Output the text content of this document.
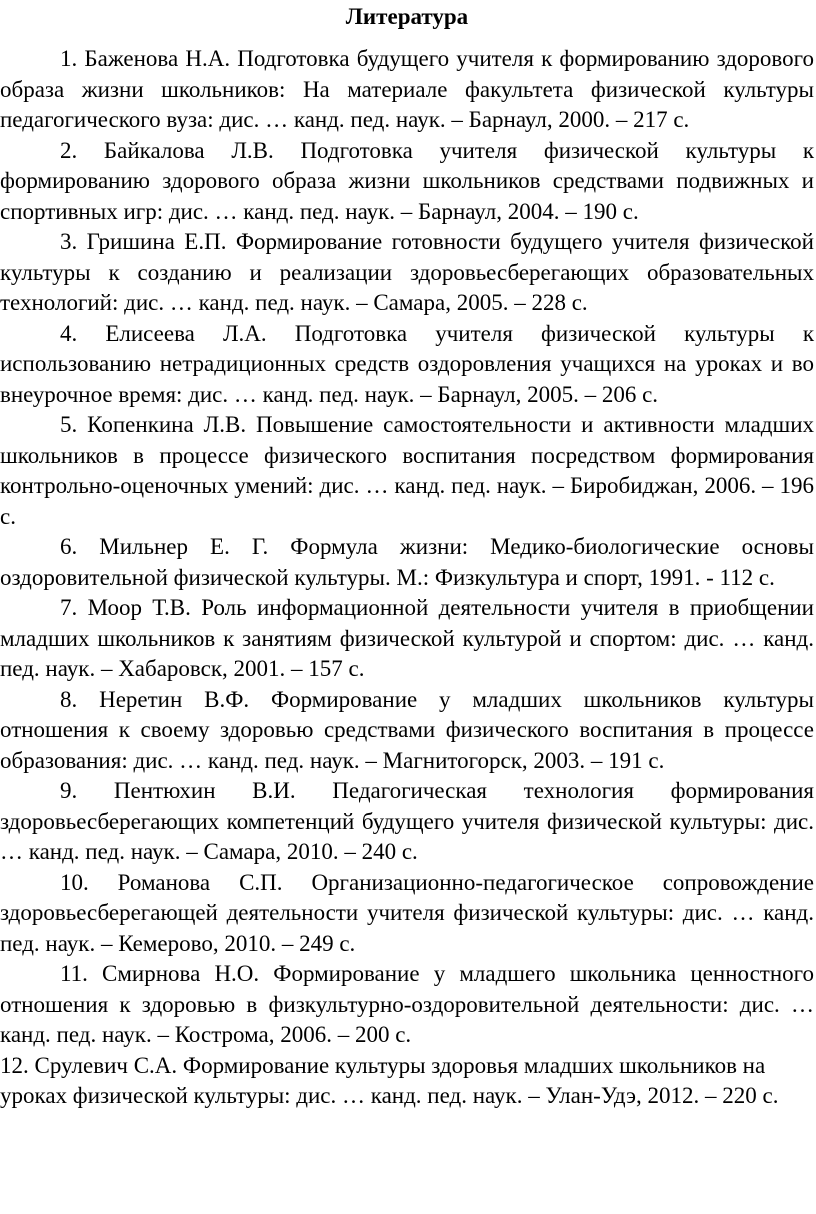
Литература

1. Баженова Н.А. Подготовка будущего учителя к формированию здорового образа жизни школьников: На материале факультета физической культуры педагогического вуза: дис. … канд. пед. наук. – Барнаул, 2000. – 217 с.

2. Байкалова Л.В. Подготовка учителя физической культуры к формированию здорового образа жизни школьников средствами подвижных и спортивных игр: дис. … канд. пед. наук. – Барнаул, 2004. – 190 с.

3. Гришина Е.П. Формирование готовности будущего учителя физической культуры к созданию и реализации здоровьесберегающих образовательных технологий: дис. … канд. пед. наук. – Самара, 2005. – 228 с.

4. Елисеева Л.А. Подготовка учителя физической культуры к использованию нетрадиционных средств оздоровления учащихся на уроках и во внеурочное время: дис. … канд. пед. наук. – Барнаул, 2005. – 206 с.

5. Копенкина Л.В. Повышение самостоятельности и активности младших школьников в процессе физического воспитания посредством формирования контрольно-оценочных умений: дис. … канд. пед. наук. – Биробиджан, 2006. – 196 с.

6. Мильнер Е. Г. Формула жизни: Медико-биологические основы оздоровительной физической культуры. М.: Физкультура и спорт, 1991. - 112 с.

7. Моор Т.В. Роль информационной деятельности учителя в приобщении младших школьников к занятиям физической культурой и спортом: дис. … канд. пед. наук. – Хабаровск, 2001. – 157 с.

8. Неретин В.Ф. Формирование у младших школьников культуры отношения к своему здоровью средствами физического воспитания в процессе образования: дис. … канд. пед. наук. – Магнитогорск, 2003. – 191 с.

9. Пентюхин В.И. Педагогическая технология формирования здоровьесберегающих компетенций будущего учителя физической культуры: дис. … канд. пед. наук. – Самара, 2010. – 240 с.

10. Романова С.П. Организационно-педагогическое сопровождение здоровьесберегающей деятельности учителя физической культуры: дис. … канд. пед. наук. – Кемерово, 2010. – 249 с.

11. Смирнова Н.О. Формирование у младшего школьника ценностного отношения к здоровью в физкультурно-оздоровительной деятельности: дис. … канд. пед. наук. – Кострома, 2006. – 200 с.

12. Срулевич С.А. Формирование культуры здоровья младших школьников на уроках физической культуры: дис. … канд. пед. наук. – Улан-Удэ, 2012. – 220 с.
